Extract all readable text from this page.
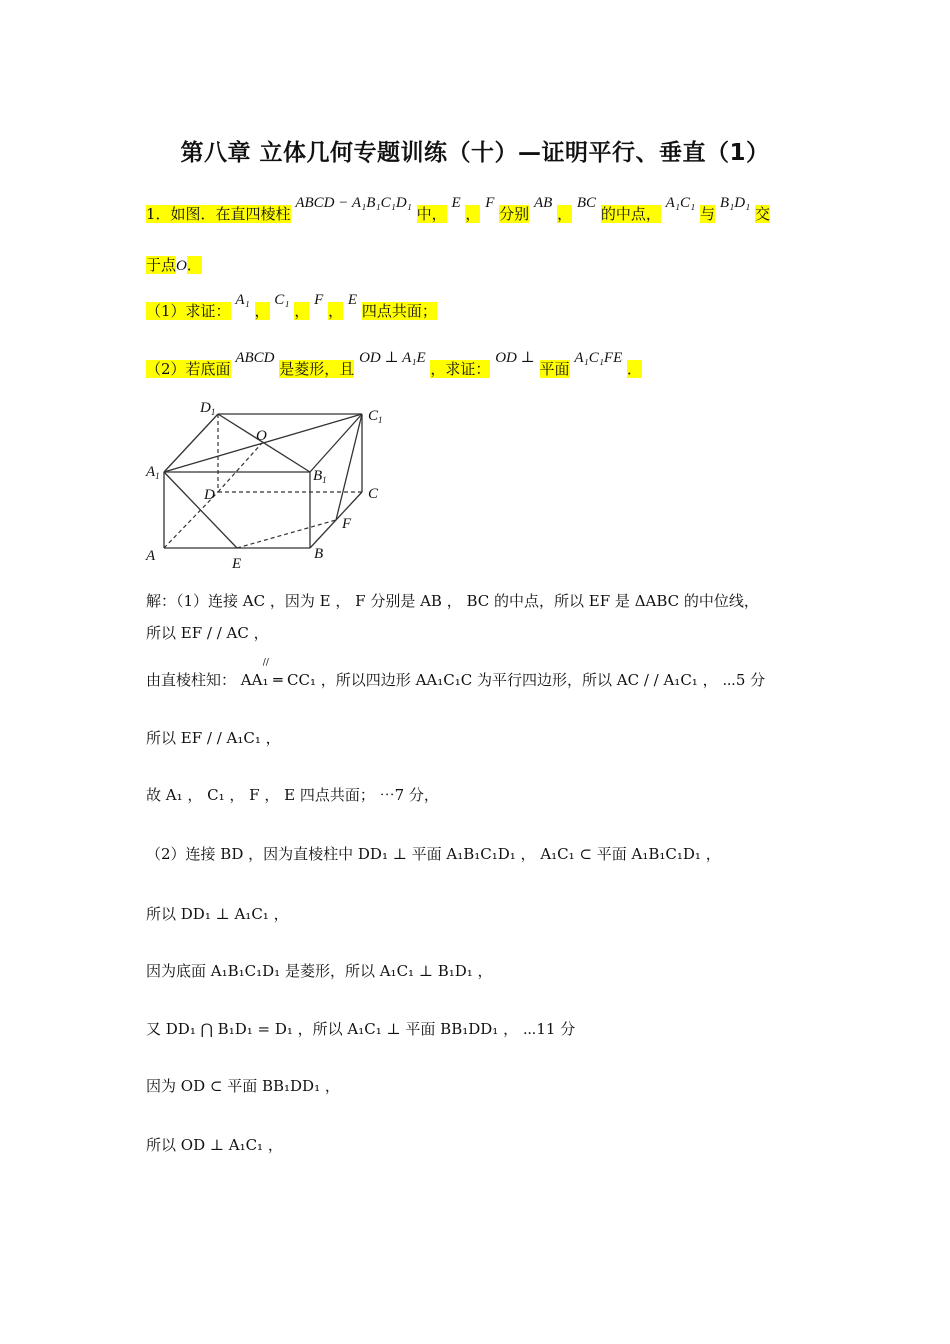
第八章 立体几何专题训练（十）—证明平行、垂直（1）
1．如图．在直四棱柱 ABCD − A₁B₁C₁D₁ 中， E ， F 分别 AB ， BC 的中点， A₁C₁ 与 B₁D₁ 交
于点O．
（1）求证： A₁ ， C₁ ， F ， E 四点共面；
（2）若底面 ABCD 是菱形，且 OD ⊥ A₁E ，求证： OD ⊥ 平面 A₁C₁FE ．
$D_1$	$C_1$
O
$A_1$	$B_1$
D	C
F
A	E
B
解：（1）连接 AC ，因为 E ， F 分别是 AB ， BC 的中点，所以 EF 是 ΔABC 的中位线，
所以 EF / / AC ，
由直棱柱知：
//
AA₁ ═ CC₁ ，所以四边形 AA₁C₁C 为平行四边形，所以 AC / / A₁C₁ ， ⋯5 分
所以 EF / / A₁C₁ ，
故 A₁ ， C₁ ， F ， E 四点共面； ⋯7 分，
（2）连接 BD ，因为直棱柱中 DD₁ ⊥ 平面 A₁B₁C₁D₁ ， A₁C₁ ⊂ 平面 A₁B₁C₁D₁ ，
所以 DD₁ ⊥ A₁C₁ ，
因为底面 A₁B₁C₁D₁ 是菱形，所以 A₁C₁ ⊥ B₁D₁ ，
又 DD₁ ⋂ B₁D₁ = D₁ ，所以 A₁C₁ ⊥ 平面 BB₁DD₁ ， ⋯11 分
因为 OD ⊂ 平面 BB₁DD₁ ，
所以 OD ⊥ A₁C₁ ，
